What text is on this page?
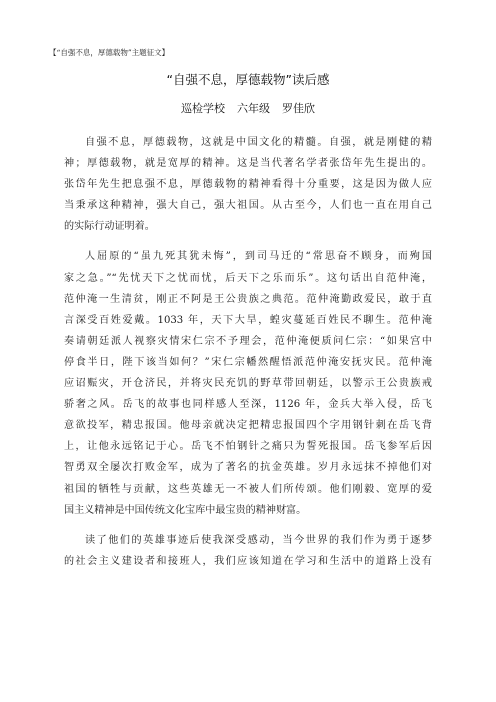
【“自强不息，厚德载物”主题征文】
“自强不息，厚德载物”读后感
巡检学校 六年级 罗佳欣
自强不息，厚德载物，这就是中国文化的精髓。自强，就是刚健的精
神；厚德载物，就是宽厚的精神。这是当代著名学者张岱年先生提出的。
张岱年先生把息强不息，厚德载物的精神看得十分重要，这是因为做人应
当秉承这种精神，强大自己，强大祖国。从古至今，人们也一直在用自己
的实际行动证明着。
人屈原的“虽九死其犹未悔”，到司马迁的“常思奋不顾身，而殉国
家之急。”“先忧天下之忧而忧，后天下之乐而乐”。这句话出自范仲淹，
范仲淹一生清贫，刚正不阿是王公贵族之典范。范仲淹勤政爱民，敢于直
言深受百姓爱戴。1033 年，天下大旱，蝗灾蔓延百姓民不聊生。范仲淹
奏请朝廷派人视察灾情宋仁宗不予理会，范仲淹便质问仁宗：“如果宫中
停食半日，陛下该当如何？”宋仁宗幡然醒悟派范仲淹安抚灾民。范仲淹
应诏赈灾，开仓济民，并将灾民充饥的野草带回朝廷，以警示王公贵族戒
骄奢之风。岳飞的故事也同样感人至深，1126 年，金兵大举入侵，岳飞
意欲投军，精忠报国。他母亲就决定把精忠报国四个字用钢针刺在岳飞背
上，让他永远铭记于心。岳飞不怕钢针之痛只为誓死报国。岳飞参军后因
智勇双全屡次打败金军，成为了著名的抗金英雄。岁月永远抹不掉他们对
祖国的牺牲与贡献，这些英雄无一不被人们所传颂。他们刚毅、宽厚的爱
国主义精神是中国传统文化宝库中最宝贵的精神财富。
读了他们的英雄事迹后使我深受感动，当今世界的我们作为勇于逐梦
的社会主义建设者和接班人，我们应该知道在学习和生活中的道路上没有
